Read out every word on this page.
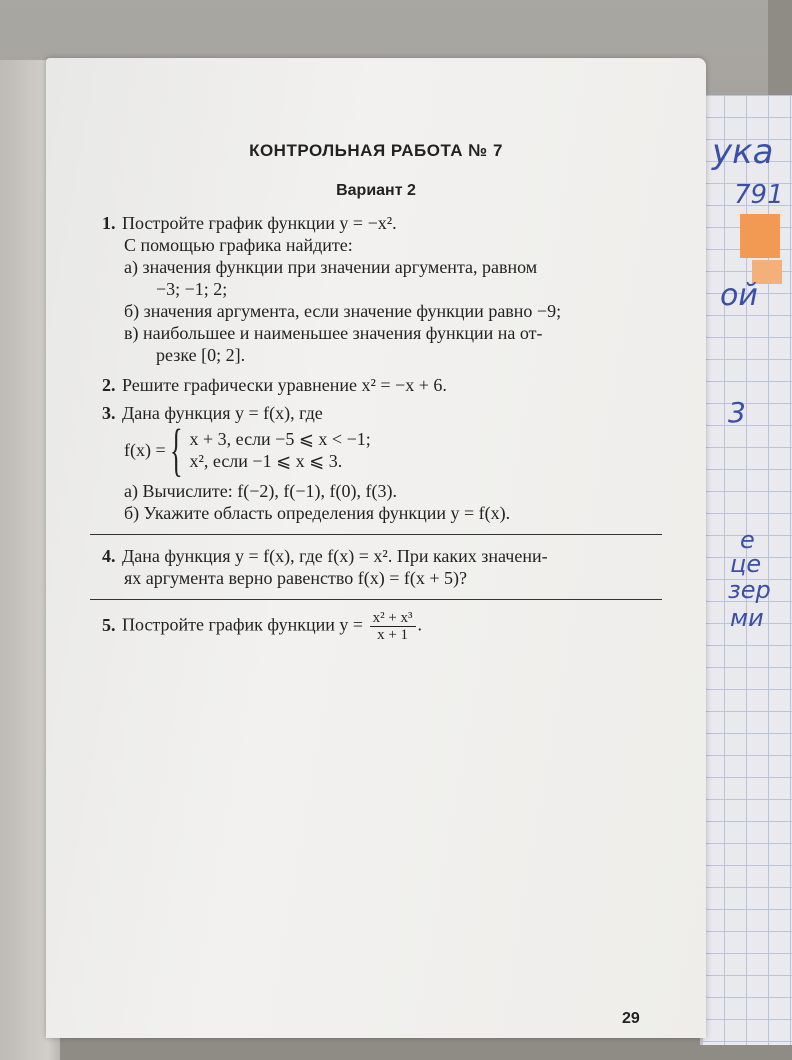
ука
791
ой
3
е
це
зер
ми
КОНТРОЛЬНАЯ РАБОТА № 7
Вариант 2
1. Постройте график функции y = −x².
С помощью графика найдите:
а) значения функции при значении аргумента, равном
−3; −1; 2;
б) значения аргумента, если значение функции равно −9;
в) наибольшее и наименьшее значения функции на от-
резке [0; 2].
2. Решите графически уравнение x² = −x + 6.
3. Дана функция y = f(x), где
f(x) = { x + 3, если −5 ⩽ x < −1;
x², если −1 ⩽ x ⩽ 3.
а) Вычислите: f(−2), f(−1), f(0), f(3).
б) Укажите область определения функции y = f(x).
4. Дана функция y = f(x), где f(x) = x². При каких значени-
ях аргумента верно равенство f(x) = f(x + 5)?
5. Постройте график функции $y = \frac{\text{x² + x³}}{x + 1}$ .
29
